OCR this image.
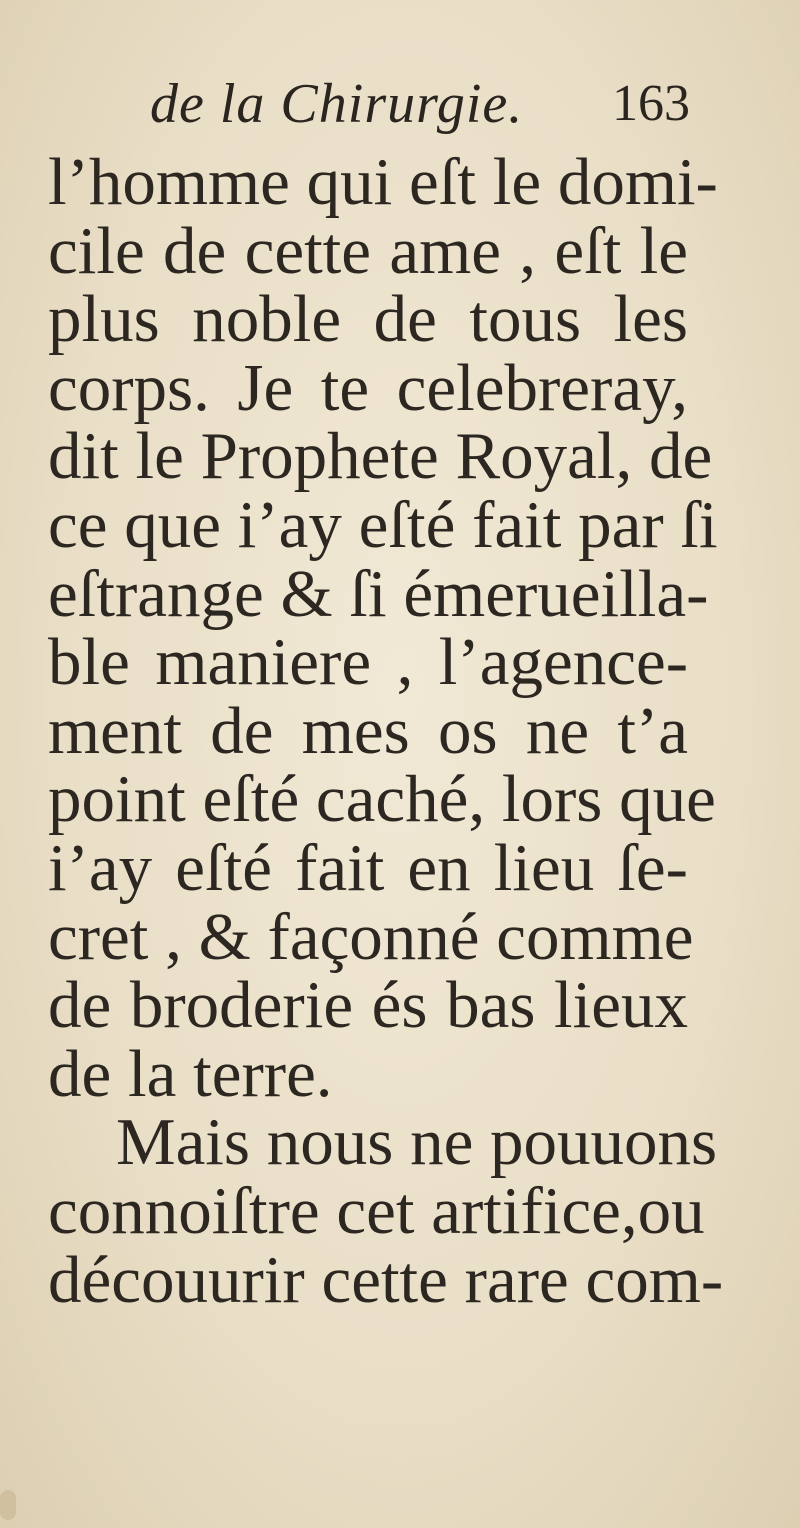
de la Chirurgie. 163
l’homme qui eſt le domi-
cile de cette ame , eſt le
plus noble de tous les
corps. Je te celebreray,
dit le Prophete Royal, de
ce que i’ay eſté fait par ſi
eſtrange & ſi émerueilla-
ble maniere , l’agence-
ment de mes os ne t’a
point eſté caché, lors que
i’ay eſté fait en lieu ſe-
cret , & façonné comme
de broderie és bas lieux
de la terre.
Mais nous ne pouuons
connoiſtre cet artifice,ou
découurir cette rare com-
